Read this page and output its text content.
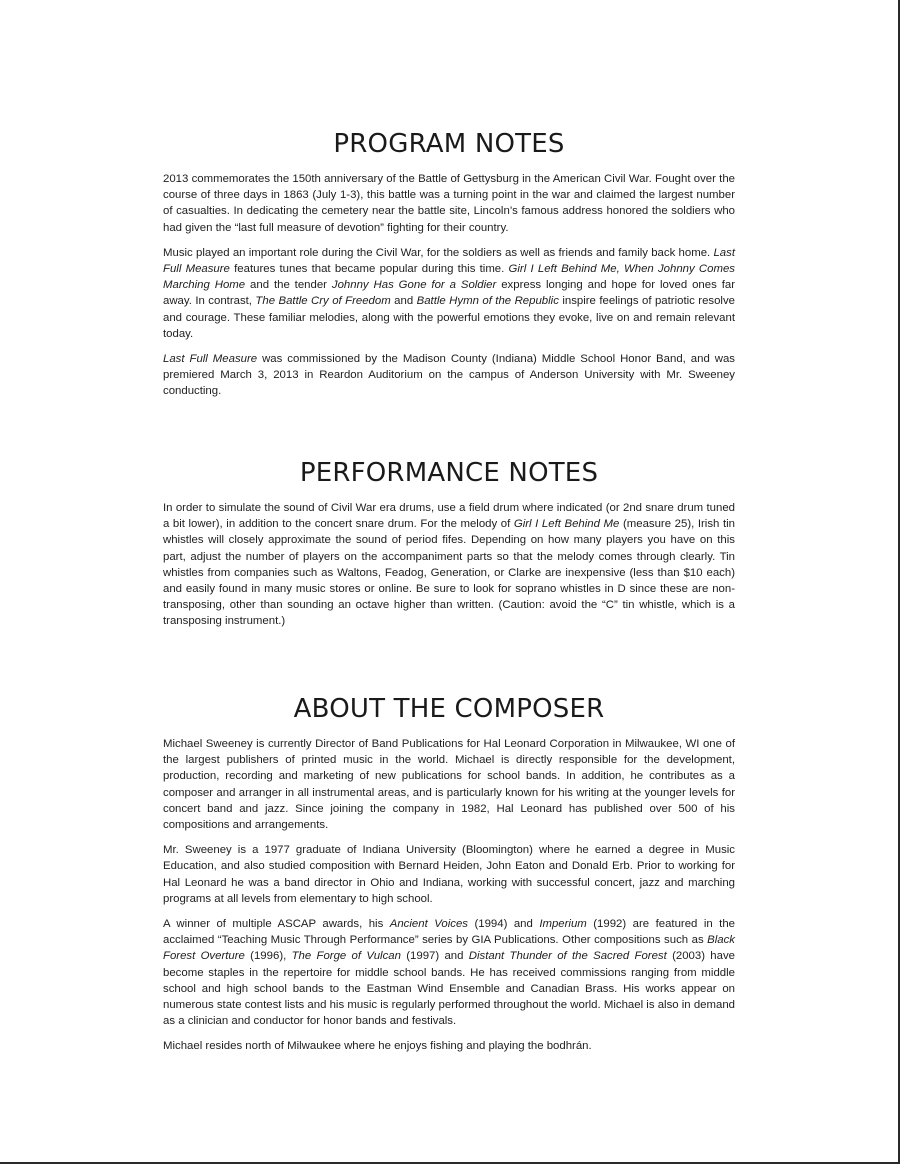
PROGRAM NOTES

2013 commemorates the 150th anniversary of the Battle of Gettysburg in the American Civil War. Fought over the course of three days in 1863 (July 1-3), this battle was a turning point in the war and claimed the largest number of casualties. In dedicating the cemetery near the battle site, Lincoln’s famous address honored the soldiers who had given the “last full measure of devotion” fighting for their country.

Music played an important role during the Civil War, for the soldiers as well as friends and family back home. Last Full Measure features tunes that became popular during this time. Girl I Left Behind Me, When Johnny Comes Marching Home and the tender Johnny Has Gone for a Soldier express longing and hope for loved ones far away. In contrast, The Battle Cry of Freedom and Battle Hymn of the Republic inspire feelings of patriotic resolve and courage. These familiar melodies, along with the powerful emotions they evoke, live on and remain relevant today.

Last Full Measure was commissioned by the Madison County (Indiana) Middle School Honor Band, and was premiered March 3, 2013 in Reardon Auditorium on the campus of Anderson University with Mr. Sweeney conducting.

PERFORMANCE NOTES

In order to simulate the sound of Civil War era drums, use a field drum where indicated (or 2nd snare drum tuned a bit lower), in addition to the concert snare drum. For the melody of Girl I Left Behind Me (measure 25), Irish tin whistles will closely approximate the sound of period fifes. Depending on how many players you have on this part, adjust the number of players on the accompaniment parts so that the melody comes through clearly. Tin whistles from companies such as Waltons, Feadog, Generation, or Clarke are inexpensive (less than $10 each) and easily found in many music stores or online. Be sure to look for soprano whistles in D since these are non-transposing, other than sounding an octave higher than written. (Caution: avoid the “C” tin whistle, which is a transposing instrument.)

ABOUT THE COMPOSER

Michael Sweeney is currently Director of Band Publications for Hal Leonard Corporation in Milwaukee, WI one of the largest publishers of printed music in the world. Michael is directly responsible for the development, production, recording and marketing of new publications for school bands. In addition, he contributes as a composer and arranger in all instrumental areas, and is particularly known for his writing at the younger levels for concert band and jazz. Since joining the company in 1982, Hal Leonard has published over 500 of his compositions and arrangements.

Mr. Sweeney is a 1977 graduate of Indiana University (Bloomington) where he earned a degree in Music Education, and also studied composition with Bernard Heiden, John Eaton and Donald Erb. Prior to working for Hal Leonard he was a band director in Ohio and Indiana, working with successful concert, jazz and marching programs at all levels from elementary to high school.

A winner of multiple ASCAP awards, his Ancient Voices (1994) and Imperium (1992) are featured in the acclaimed “Teaching Music Through Performance” series by GIA Publications. Other compositions such as Black Forest Overture (1996), The Forge of Vulcan (1997) and Distant Thunder of the Sacred Forest (2003) have become staples in the repertoire for middle school bands. He has received commissions ranging from middle school and high school bands to the Eastman Wind Ensemble and Canadian Brass. His works appear on numerous state contest lists and his music is regularly performed throughout the world. Michael is also in demand as a clinician and conductor for honor bands and festivals.

Michael resides north of Milwaukee where he enjoys fishing and playing the bodhrán.
